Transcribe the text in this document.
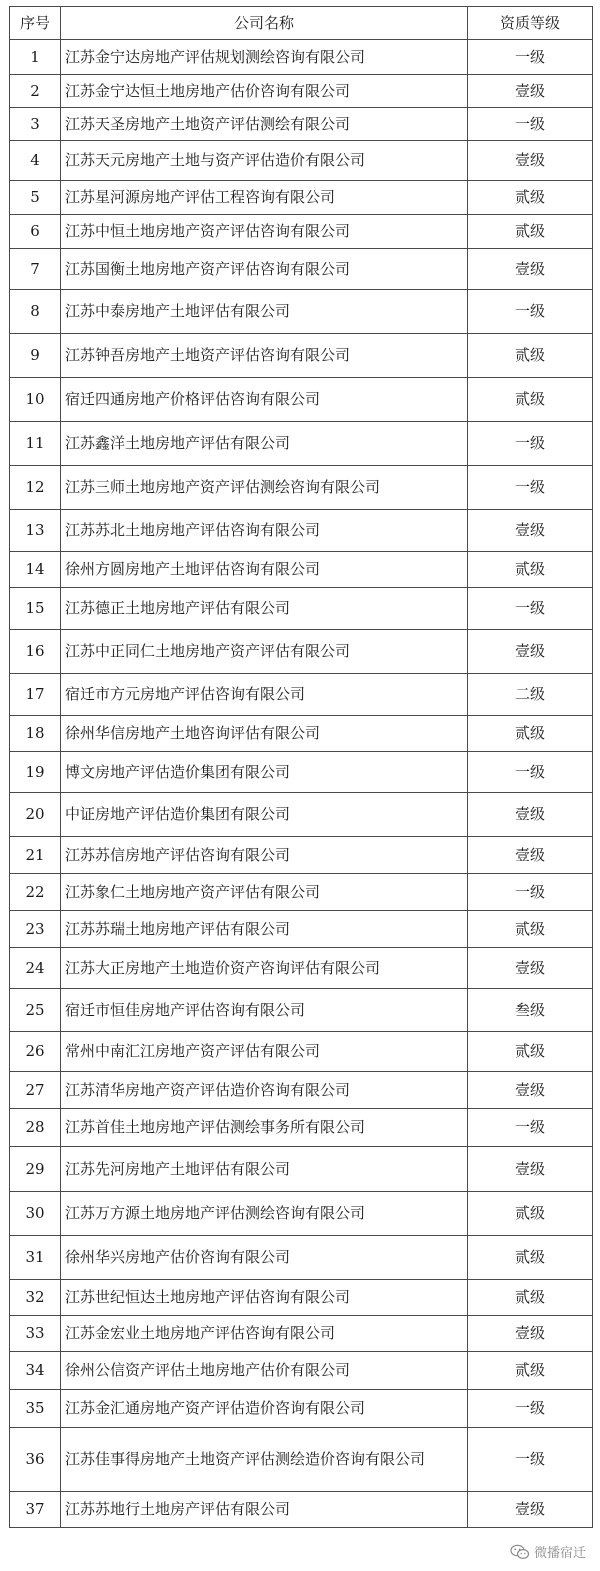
序号	公司名称	资质等级
1	江苏金宁达房地产评估规划测绘咨询有限公司	一级
2	江苏金宁达恒土地房地产估价咨询有限公司	壹级
3	江苏天圣房地产土地资产评估测绘有限公司	一级
4	江苏天元房地产土地与资产评估造价有限公司	壹级
5	江苏星河源房地产评估工程咨询有限公司	贰级
6	江苏中恒土地房地产资产评估咨询有限公司	贰级
7	江苏国衡土地房地产资产评估咨询有限公司	壹级
8	江苏中泰房地产土地评估有限公司	一级
9	江苏钟吾房地产土地资产评估咨询有限公司	贰级
10	宿迁四通房地产价格评估咨询有限公司	贰级
11	江苏鑫洋土地房地产评估有限公司	一级
12	江苏三师土地房地产资产评估测绘咨询有限公司	一级
13	江苏苏北土地房地产评估咨询有限公司	壹级
14	徐州方圆房地产土地评估咨询有限公司	贰级
15	江苏德正土地房地产评估有限公司	一级
16	江苏中正同仁土地房地产资产评估有限公司	壹级
17	宿迁市方元房地产评估咨询有限公司	二级
18	徐州华信房地产土地咨询评估有限公司	贰级
19	博文房地产评估造价集团有限公司	一级
20	中证房地产评估造价集团有限公司	壹级
21	江苏苏信房地产评估咨询有限公司	壹级
22	江苏象仁土地房地产资产评估有限公司	一级
23	江苏苏瑞土地房地产评估有限公司	贰级
24	江苏大正房地产土地造价资产咨询评估有限公司	壹级
25	宿迁市恒佳房地产评估咨询有限公司	叁级
26	常州中南汇江房地产资产评估有限公司	贰级
27	江苏清华房地产资产评估造价咨询有限公司	壹级
28	江苏首佳土地房地产评估测绘事务所有限公司	一级
29	江苏先河房地产土地评估有限公司	壹级
30	江苏万方源土地房地产评估测绘咨询有限公司	贰级
31	徐州华兴房地产估价咨询有限公司	贰级
32	江苏世纪恒达土地房地产评估咨询有限公司	贰级
33	江苏金宏业土地房地产评估咨询有限公司	壹级
34	徐州公信资产评估土地房地产估价有限公司	贰级
35	江苏金汇通房地产资产评估造价咨询有限公司	一级
36	江苏佳事得房地产土地资产评估测绘造价咨询有限公司	一级
37	江苏苏地行土地房产评估有限公司	壹级
微播宿迁
